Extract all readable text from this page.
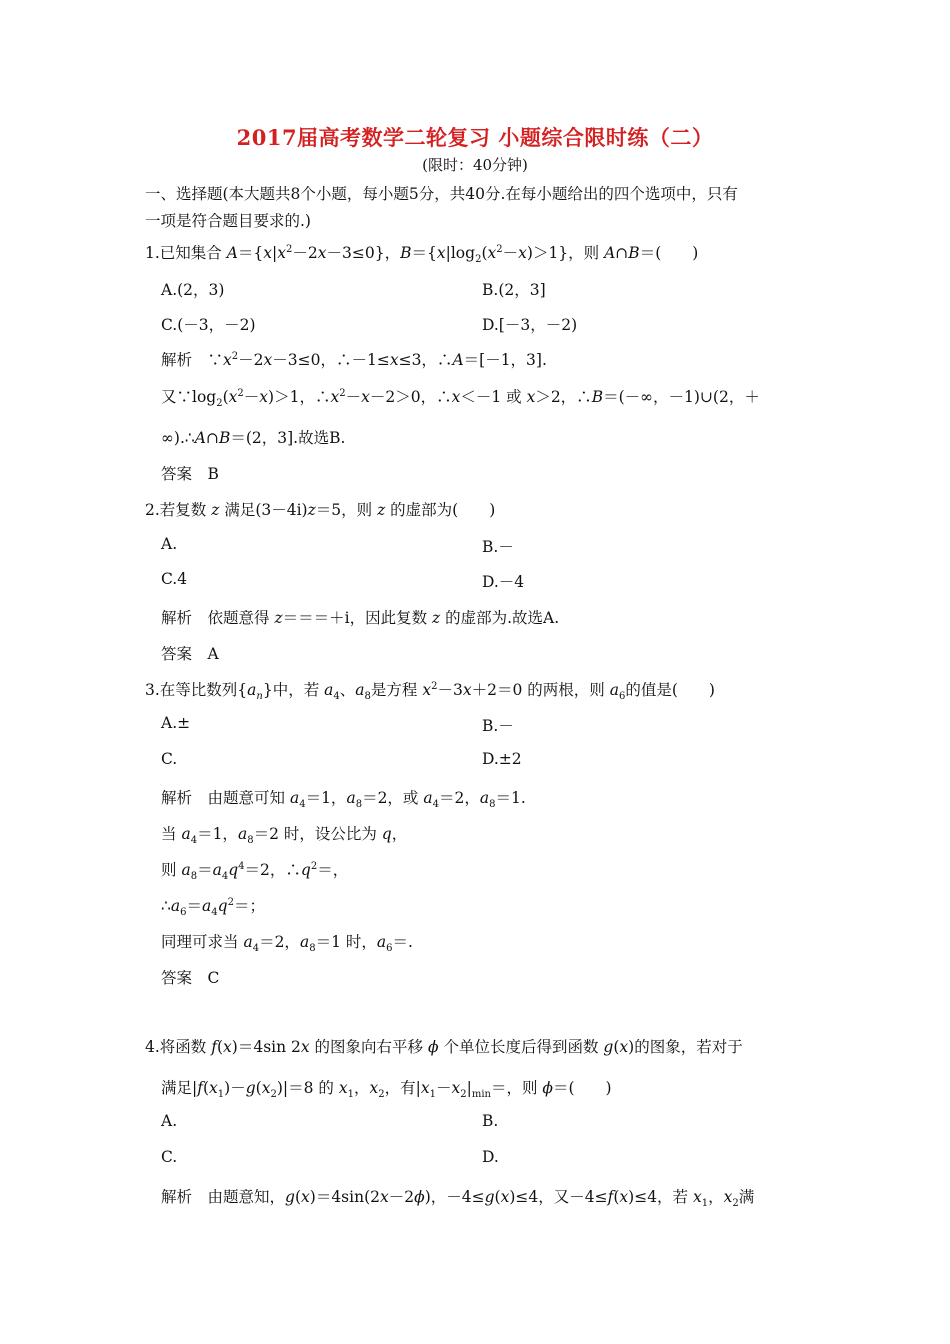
2017届高考数学二轮复习 小题综合限时练（二）
(限时：40分钟)
一、选择题(本大题共8个小题，每小题5分，共40分.在每小题给出的四个选项中，只有
一项是符合题目要求的.)
1.已知集合 $A=\{x|x^2-2x-3\le 0\}$，$B=\{x|\log_2(x^2-x)>1\}$，则 A∩B＝(　　)
A.(2，3)	B.(2，3]
C.(－3，－2)	D.[－3，－2)
解析　$\because x^2-2x-3\le 0$，∴－1≤x≤3，∴A＝[－1，3].
又$\because\log_2(x^2-x)>1$，$\therefore x^2-x-2>0$，∴x＜－1 或 x＞2，∴B＝(－∞，－1)∪(2，＋
∞).∴A∩B＝(2，3].故选B.
答案　B
2.若复数 z 满足(3－4i)z＝5，则 z 的虚部为(　　)
A.	B.－
C.4	D.－4
解析　依题意得 z＝＝＝＋i，因此复数 z 的虚部为.故选A.
答案　A
3.在等比数列$\{a_n\}$中，若 $a_4$、$a_8$是方程 $x^2-3x+2=0$ 的两根，则 $a_6$的值是(　　)
A.±	B.－
C.	D.±2
解析　由题意可知 $a_4=1$，$a_8=2$，或 $a_4=2$，$a_8=1$.
当 $a_4=1$，$a_8=2$ 时，设公比为 q，
则 $a_8=a_4q^4=2$，$\therefore q^2=$，
$\therefore a_6=a_4q^2=$；
同理可求当 $a_4=2$，$a_8=1$ 时，$a_6=$.
答案　C
4.将函数 f(x)＝4sin 2x 的图象向右平移 ϕ 个单位长度后得到函数 g(x)的图象，若对于
满足$|f(x_1)-g(x_2)|=8$ 的 $x_1$，$x_2$，有$|x_1-x_2|_{min}=$，则 ϕ＝(　　)
A.	B.
C.	D.
解析　由题意知，g(x)＝4sin(2x－2ϕ)，－4≤g(x)≤4，又－4≤f(x)≤4，若 $x_1$，$x_2$满
